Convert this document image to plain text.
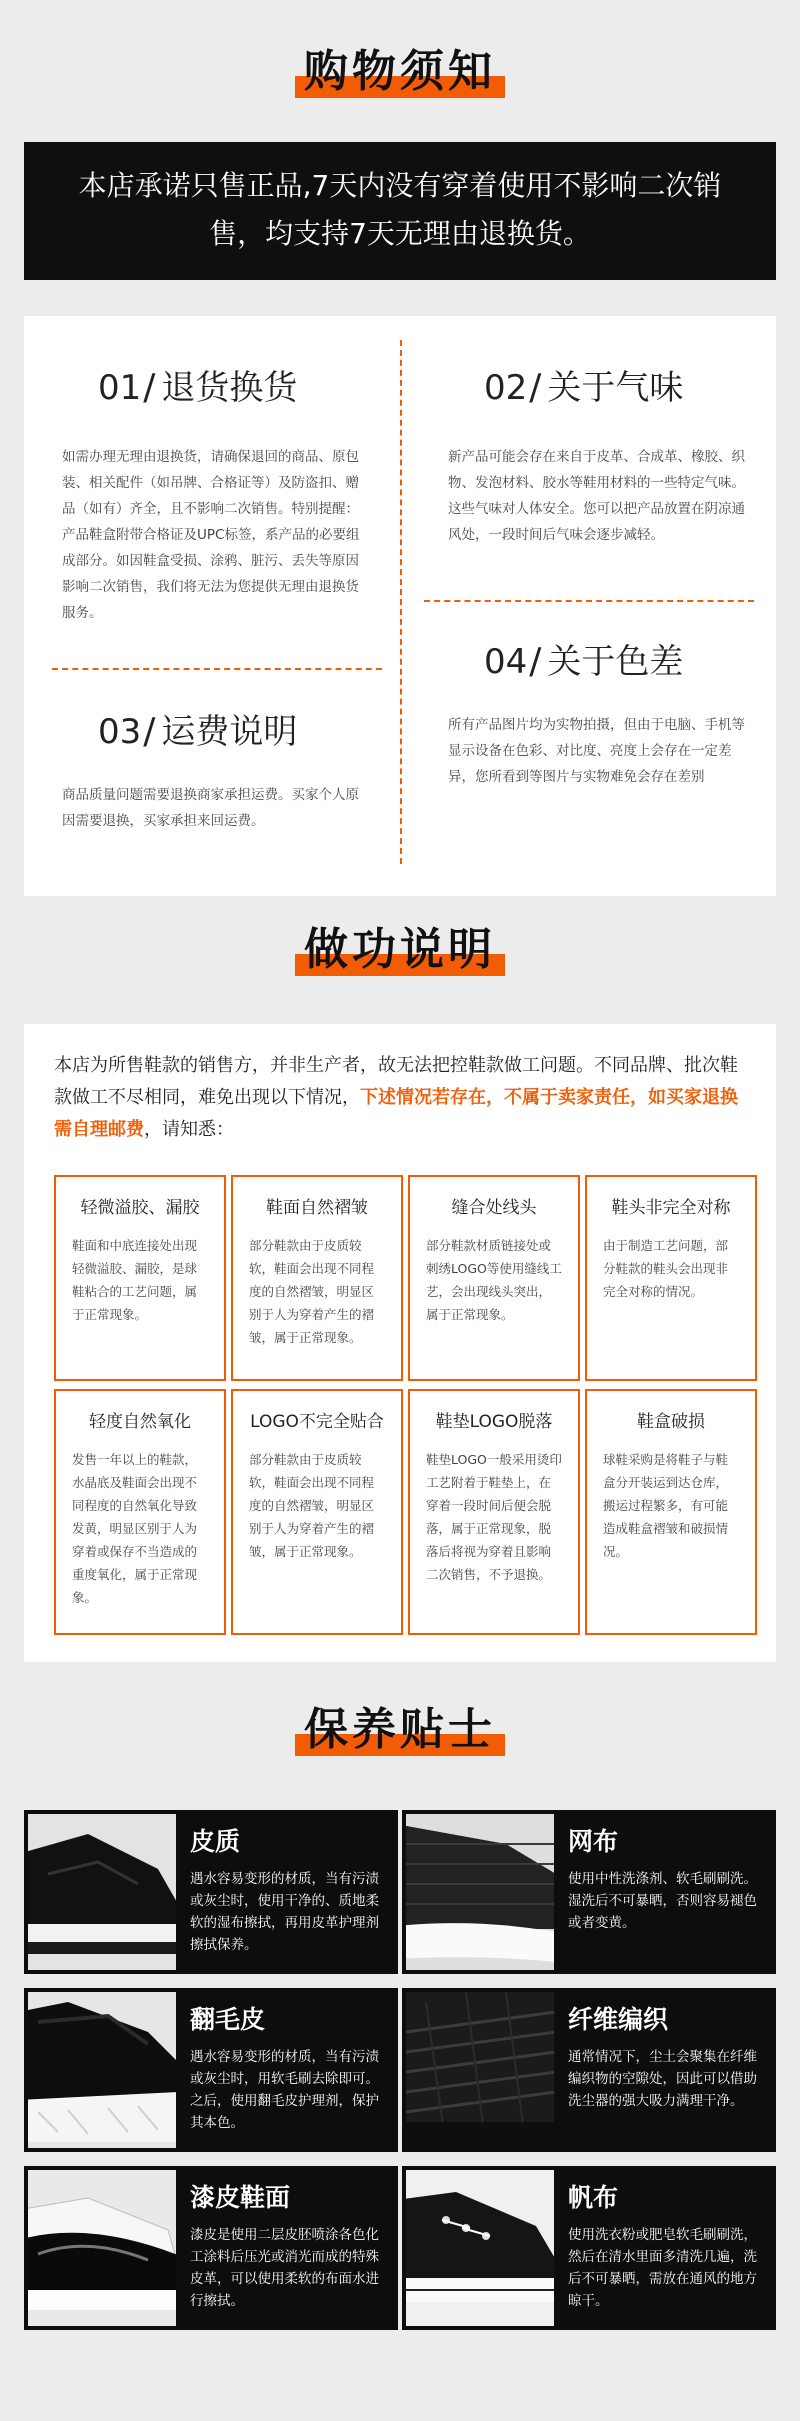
购物须知
本店承诺只售正品,7天内没有穿着使用不影响二次销售，均支持7天无理由退换货。
01/ 退货换货
如需办理无理由退换货，请确保退回的商品、原包装、相关配件（如吊牌、合格证等）及防盗扣、赠品（如有）齐全，且不影响二次销售。特别提醒：产品鞋盒附带合格证及UPC标签，系产品的必要组成部分。如因鞋盒受损、涂鸦、脏污、丢失等原因影响二次销售，我们将无法为您提供无理由退换货服务。
02/ 关于气味
新产品可能会存在来自于皮革、合成革、橡胶、织物、发泡材料、胶水等鞋用材料的一些特定气味。这些气味对人体安全。您可以把产品放置在阴凉通风处，一段时间后气味会逐步减轻。
03/ 运费说明
商品质量问题需要退换商家承担运费。买家个人原因需要退换，买家承担来回运费。
04/ 关于色差
所有产品图片均为实物拍摄，但由于电脑、手机等显示设备在色彩、对比度、亮度上会存在一定差异，您所看到等图片与实物难免会存在差别
做功说明
本店为所售鞋款的销售方，并非生产者，故无法把控鞋款做工问题。不同品牌、批次鞋款做工不尽相同，难免出现以下情况，下述情况若存在，不属于卖家责任，如买家退换需自理邮费，请知悉：
轻微溢胶、漏胶
鞋面和中底连接处出现轻微溢胶、漏胶，是球鞋粘合的工艺问题，属于正常现象。
鞋面自然褶皱
部分鞋款由于皮质较软，鞋面会出现不同程度的自然褶皱，明显区别于人为穿着产生的褶皱，属于正常现象。
缝合处线头
部分鞋款材质链接处或刺绣LOGO等使用缝线工艺，会出现线头突出，属于正常现象。
鞋头非完全对称
由于制造工艺问题，部分鞋款的鞋头会出现非完全对称的情况。
轻度自然氧化
发售一年以上的鞋款，水晶底及鞋面会出现不同程度的自然氧化导致发黄，明显区别于人为穿着或保存不当造成的重度氧化，属于正常现象。
LOGO不完全贴合
部分鞋款由于皮质较软，鞋面会出现不同程度的自然褶皱，明显区别于人为穿着产生的褶皱，属于正常现象。
鞋垫LOGO脱落
鞋垫LOGO一般采用烫印工艺附着于鞋垫上，在穿着一段时间后便会脱落，属于正常现象，脱落后将视为穿着且影响二次销售，不予退换。
鞋盒破损
球鞋采购是将鞋子与鞋盒分开装运到达仓库，搬运过程繁多，有可能造成鞋盒褶皱和破损情况。
保养贴士
皮质
遇水容易变形的材质，当有污渍或灰尘时，使用干净的、质地柔软的湿布擦拭，再用皮革护理剂擦拭保养。
网布
使用中性洗涤剂、软毛刷刷洗。湿洗后不可暴晒，否则容易褪色或者变黄。
翻毛皮
遇水容易变形的材质，当有污渍或灰尘时，用软毛刷去除即可。之后，使用翻毛皮护理剂，保护其本色。
纤维编织
通常情况下，尘土会聚集在纤维编织物的空隙处，因此可以借助洗尘器的强大吸力满理干净。
漆皮鞋面
漆皮是使用二层皮胚喷涂各色化工涂料后压光或消光而成的特殊皮革，可以使用柔软的布面水进行擦拭。
帆布
使用洗衣粉或肥皂软毛刷刷洗，然后在清水里面多清洗几遍，洗后不可暴晒，需放在通风的地方晾干。
